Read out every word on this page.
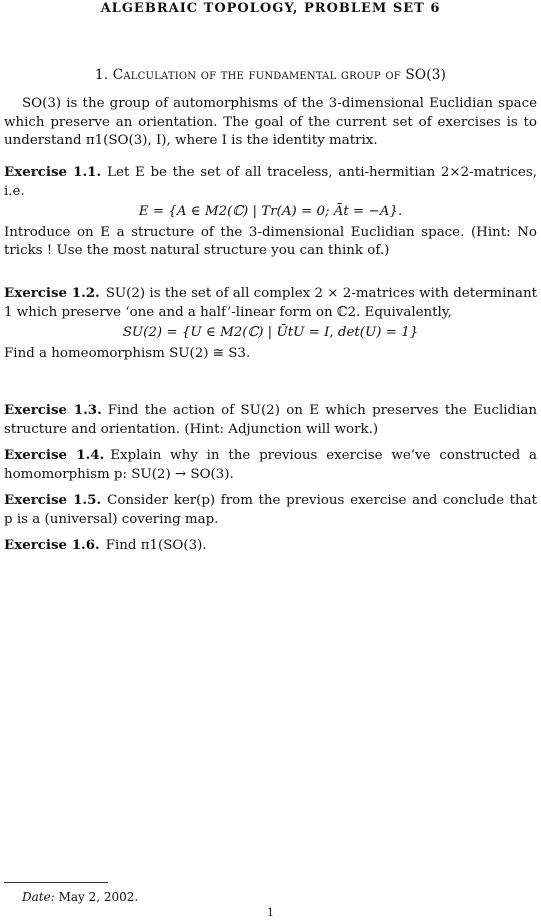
ALGEBRAIC TOPOLOGY, PROBLEM SET 6
1. Calculation of the fundamental group of SO(3)

SO(3) is the group of automorphisms of the 3-dimensional Euclidian space which preserve an orientation. The goal of the current set of exercises is to understand π1(SO(3), I), where I is the identity matrix.

Exercise 1.1. Let E be the set of all traceless, anti-hermitian 2×2-matrices, i.e.

E = {A ∈ M2(ℂ) | Tr(A) = 0; Āt = −A}.

Introduce on E a structure of the 3-dimensional Euclidian space. (Hint: No tricks ! Use the most natural structure you can think of.)

Exercise 1.2. SU(2) is the set of all complex 2 × 2-matrices with determinant 1 which preserve ‘one and a half’-linear form on ℂ2. Equivalently,

SU(2) = {U ∈ M2(ℂ) | ŪtU = I, det(U) = 1}

Find a homeomorphism SU(2) ≅ S3.

Exercise 1.3. Find the action of SU(2) on E which preserves the Euclidian structure and orientation. (Hint: Adjunction will work.)

Exercise 1.4. Explain why in the previous exercise we’ve constructed a homomorphism p: SU(2) → SO(3).

Exercise 1.5. Consider ker(p) from the previous exercise and conclude that p is a (universal) covering map.

Exercise 1.6. Find π1(SO(3).

Date: May 2, 2002.
1
